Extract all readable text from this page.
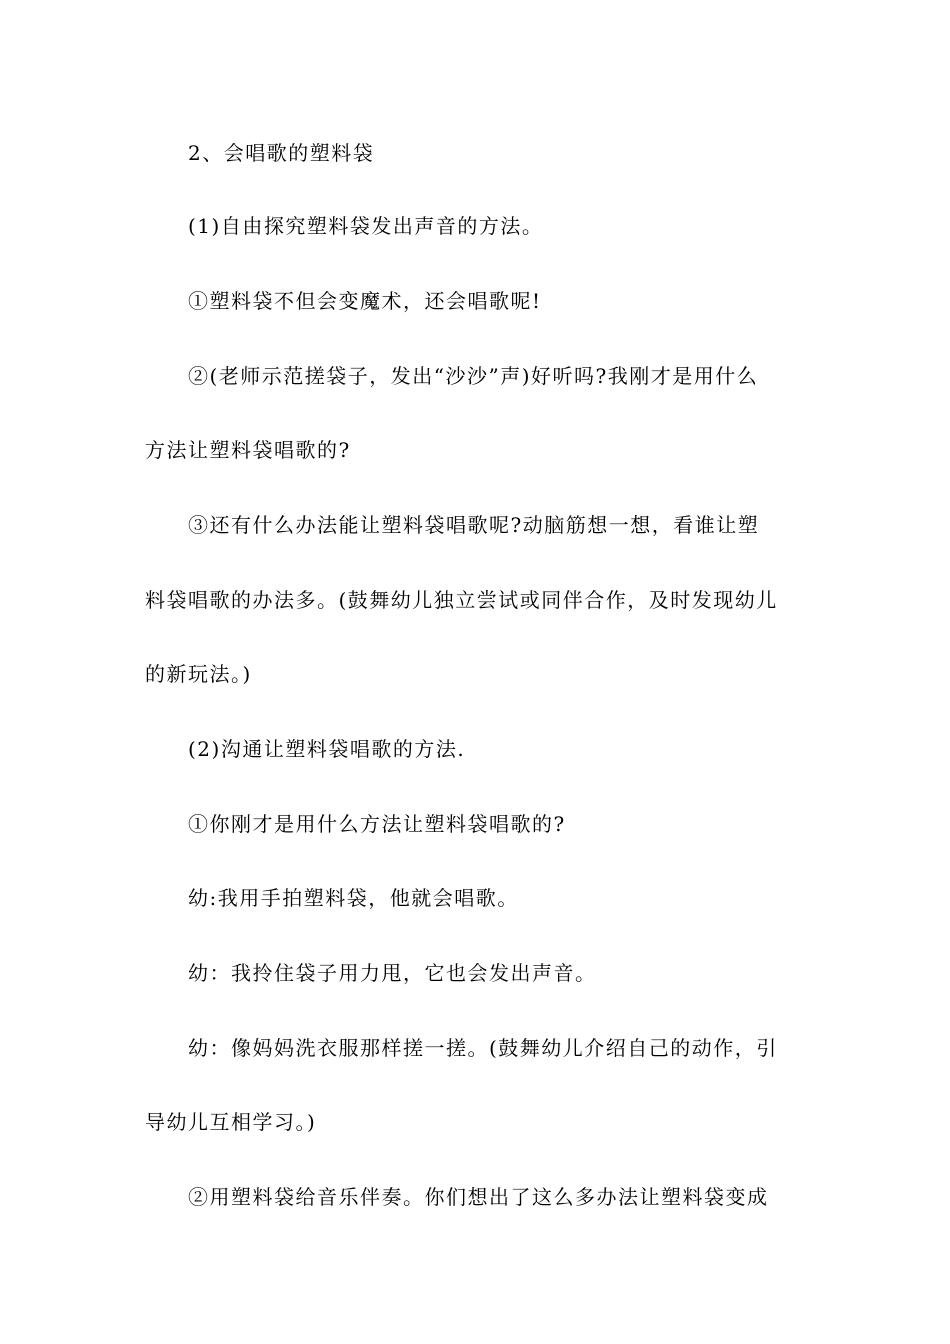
2、会唱歌的塑料袋
(1)自由探究塑料袋发出声音的方法。
①塑料袋不但会变魔术，还会唱歌呢!
②(老师示范搓袋子，发出“沙沙”声)好听吗?我刚才是用什么
方法让塑料袋唱歌的?
③还有什么办法能让塑料袋唱歌呢?动脑筋想一想，看谁让塑
料袋唱歌的办法多。(鼓舞幼儿独立尝试或同伴合作，及时发现幼儿
的新玩法。)
(2)沟通让塑料袋唱歌的方法.
①你刚才是用什么方法让塑料袋唱歌的?
幼:我用手拍塑料袋，他就会唱歌。
幼：我拎住袋子用力甩，它也会发出声音。
幼：像妈妈洗衣服那样搓一搓。(鼓舞幼儿介绍自己的动作，引
导幼儿互相学习。)
②用塑料袋给音乐伴奏。你们想出了这么多办法让塑料袋变成
